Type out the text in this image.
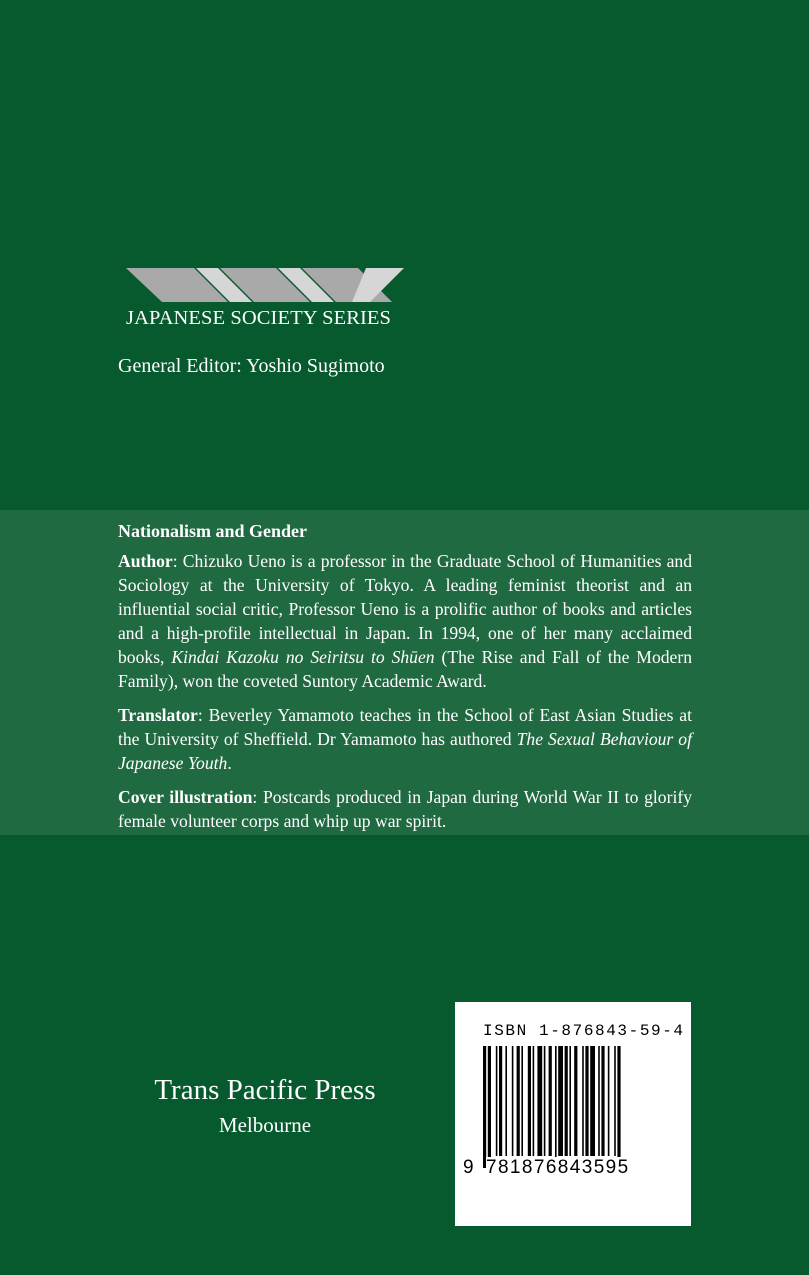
JAPANESE SOCIETY SERIES
General Editor: Yoshio Sugimoto
Nationalism and Gender

Author: Chizuko Ueno is a professor in the Graduate School of Humanities and Sociology at the University of Tokyo. A leading feminist theorist and an influential social critic, Professor Ueno is a prolific author of books and articles and a high-profile intellectual in Japan. In 1994, one of her many acclaimed books, Kindai Kazoku no Seiritsu to Shūen (The Rise and Fall of the Modern Family), won the coveted Suntory Academic Award.

Translator: Beverley Yamamoto teaches in the School of East Asian Studies at the University of Sheffield. Dr Yamamoto has authored The Sexual Behaviour of Japanese Youth.

Cover illustration: Postcards produced in Japan during World War II to glorify female volunteer corps and whip up war spirit.

Trans Pacific Press
Melbourne
ISBN 1-876843-59-4
9 781876843595
